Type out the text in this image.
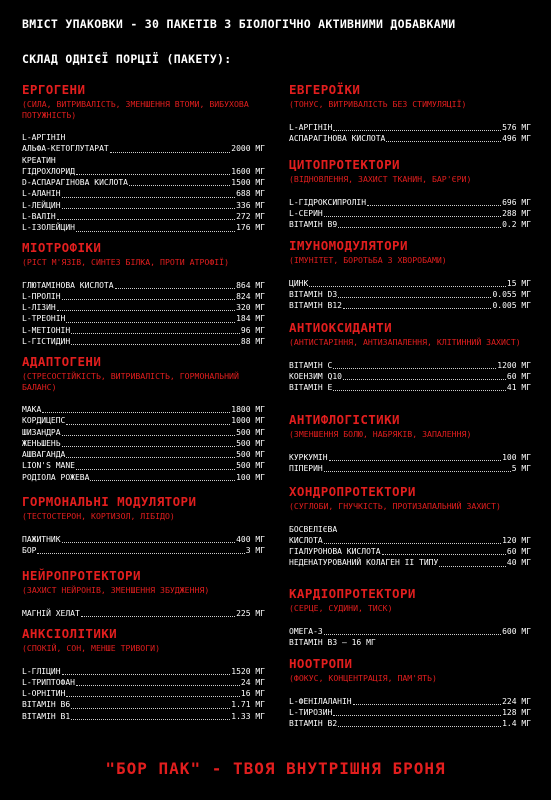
ВМІСТ УПАКОВКИ - 30 ПАКЕТІВ З БІОЛОГІЧНО АКТИВНИМИ ДОБАВКАМИ
СКЛАД ОДНІЄЇ ПОРЦІЇ (ПАКЕТУ):
ЕРГОГЕНИ
(СИЛА, ВИТРИВАЛІСТЬ, ЗМЕНШЕННЯ ВТОМИ, ВИБУХОВА ПОТУЖНІСТЬ)
L-АРГІНІН
АЛЬФА-КЕТОГЛУТАРАТ	2000 МГ
КРЕАТИН
ГІДРОХЛОРИД	1600 МГ
D-АСПАРАГІНОВА КИСЛОТА	1500 МГ
L-АЛАНІН	688 МГ
L-ЛЕЙЦИН	336 МГ
L-ВАЛІН	272 МГ
L-ІЗОЛЕЙЦИН	176 МГ
МІОТРОФІКИ
(РІСТ М'ЯЗІВ, СИНТЕЗ БІЛКА, ПРОТИ АТРОФІЇ)
ГЛЮТАМІНОВА КИСЛОТА	864 МГ
L-ПРОЛІН	824 МГ
L-ЛІЗИН	320 МГ
L-ТРЕОНІН	184 МГ
L-МЕТІОНІН	96 МГ
L-ГІСТИДИН	88 МГ
АДАПТОГЕНИ
(СТРЕСОСТІЙКІСТЬ, ВИТРИВАЛІСТЬ, ГОРМОНАЛЬНИЙ БАЛАНС)
МАКА	1800 МГ
КОРДИЦЕПС	1000 МГ
ШИЗАНДРА	500 МГ
ЖЕНЬШЕНЬ	500 МГ
АШВАГАНДА	500 МГ
LION'S MANE	500 МГ
РОДІОЛА РОЖЕВА	100 МГ
ГОРМОНАЛЬНІ МОДУЛЯТОРИ
(ТЕСТОСТЕРОН, КОРТИЗОЛ, ЛІБІДО)
ПАЖИТНИК	400 МГ
БОР	3 МГ
НЕЙРОПРОТЕКТОРИ
(ЗАХИСТ НЕЙРОНІВ, ЗМЕНШЕННЯ ЗБУДЖЕННЯ)
МАГНІЙ ХЕЛАТ	225 МГ
АНКСІОЛІТИКИ
(СПОКІЙ, СОН, МЕНШЕ ТРИВОГИ)
L-ГЛІЦИН	1520 МГ
L-ТРИПТОФАН	24 МГ
L-ОРНІТИН	16 МГ
ВІТАМІН B6	1.71 МГ
ВІТАМІН B1	1.33 МГ
ЕВГЕРОЇКИ
(ТОНУС, ВИТРИВАЛІСТЬ БЕЗ СТИМУЛЯЦІЇ)
L-АРГІНІН	576 МГ
АСПАРАГІНОВА КИСЛОТА	496 МГ
ЦИТОПРОТЕКТОРИ
(ВІДНОВЛЕННЯ, ЗАХИСТ ТКАНИН, БАР'ЄРИ)
L-ГІДРОКСИПРОЛІН	696 МГ
L-СЕРИН	288 МГ
ВІТАМІН B9	0.2 МГ
ІМУНОМОДУЛЯТОРИ
(ІМУНІТЕТ, БОРОТЬБА З ХВОРОБАМИ)
ЦИНК	15 МГ
ВІТАМІН D3	0.055 МГ
ВІТАМІН B12	0.005 МГ
АНТИОКСИДАНТИ
(АНТИСТАРІННЯ, АНТИЗАПАЛЕННЯ, КЛІТИННИЙ ЗАХИСТ)
ВІТАМІН C	1200 МГ
КОЕНЗИМ Q10	60 МГ
ВІТАМІН E	41 МГ
АНТИФЛОГІСТИКИ
(ЗМЕНШЕННЯ БОЛЮ, НАБРЯКІВ, ЗАПАЛЕННЯ)
КУРКУМІН	100 МГ
ПІПЕРИН	5 МГ
ХОНДРОПРОТЕКТОРИ
(СУГЛОБИ, ГНУЧКІСТЬ, ПРОТИЗАПАЛЬНИЙ ЗАХИСТ)
БОСВЕЛІЄВА
КИСЛОТА	120 МГ
ГІАЛУРОНОВА КИСЛОТА	60 МГ
НЕДЕНАТУРОВАНИЙ КОЛАГЕН II ТИПУ	40 МГ
КАРДІОПРОТЕКТОРИ
(СЕРЦЕ, СУДИНИ, ТИСК)
ОМЕГА-3	600 МГ
ВІТАМІН B3 – 16 МГ
НООТРОПИ
(ФОКУС, КОНЦЕНТРАЦІЯ, ПАМ'ЯТЬ)
L-ФЕНІЛАЛАНІН	224 МГ
L-ТИРОЗИН	128 МГ
ВІТАМІН B2	1.4 МГ
"БОР ПАК" - ТВОЯ ВНУТРІШНЯ БРОНЯ
